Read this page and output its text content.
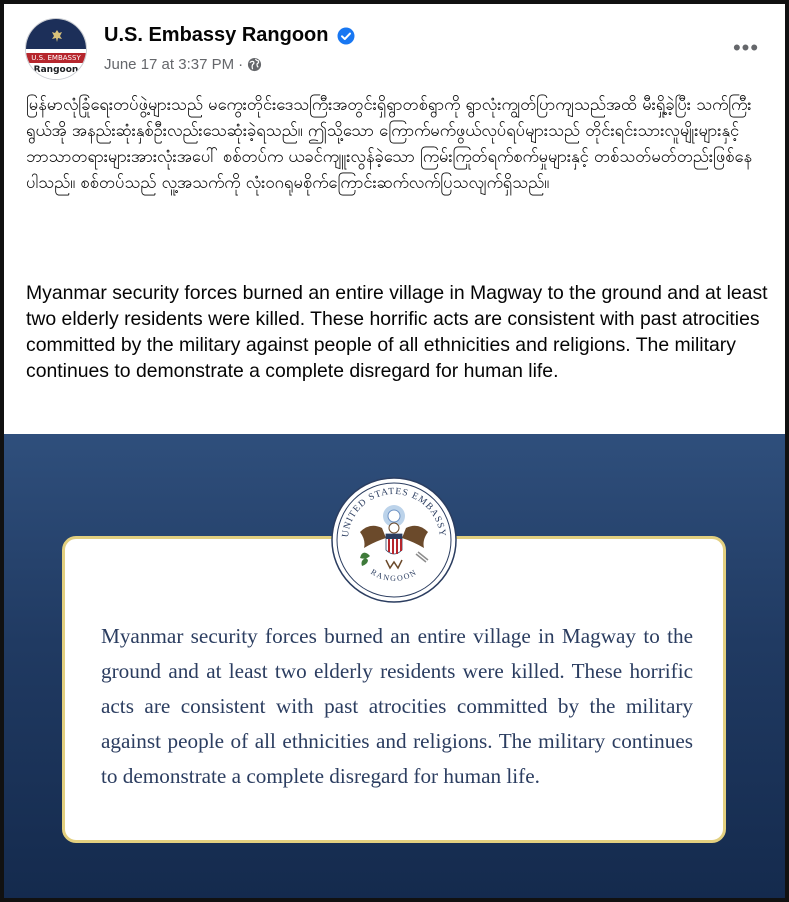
U.S. EMBASSY
Rangoon
U.S. Embassy Rangoon
June 17 at 3:37 PM ·
•••
မြန်မာလုံခြုံရေးတပ်ဖွဲ့များသည် မကွေးတိုင်းဒေသကြီးအတွင်းရှိရွာတစ်ရွာကို ရွာလုံးကျွတ်ပြာကျသည်အထိ မီးရှို့ခဲ့ပြီး သက်ကြီးရွယ်အို အနည်းဆုံးနှစ်ဦးလည်းသေဆုံးခဲ့ရသည်။ ဤသို့သော ကြောက်မက်ဖွယ်လုပ်ရပ်များသည် တိုင်းရင်းသားလူမျိုးများနှင့် ဘာသာတရားများအားလုံးအပေါ် စစ်တပ်က ယခင်ကျူးလွန်ခဲ့သော ကြမ်းကြုတ်ရက်စက်မှုများနှင့် တစ်သတ်မတ်တည်းဖြစ်နေပါသည်။ စစ်တပ်သည် လူ့အသက်ကို လုံးဝဂရုမစိုက်ကြောင်းဆက်လက်ပြသလျက်ရှိသည်။
Myanmar security forces burned an entire village in Magway to the ground and at least two elderly residents were killed. These horrific acts are consistent with past atrocities committed by the military against people of all ethnicities and religions. The military continues to demonstrate a complete disregard for human life.
Myanmar security forces burned an entire village in Magway to the ground and at least two elderly residents were killed. These horrific acts are consistent with past atrocities committed by the military against people of all ethnicities and religions. The military continues to demonstrate a complete disregard for human life.
UNITED STATES EMBASSY
RANGOON
